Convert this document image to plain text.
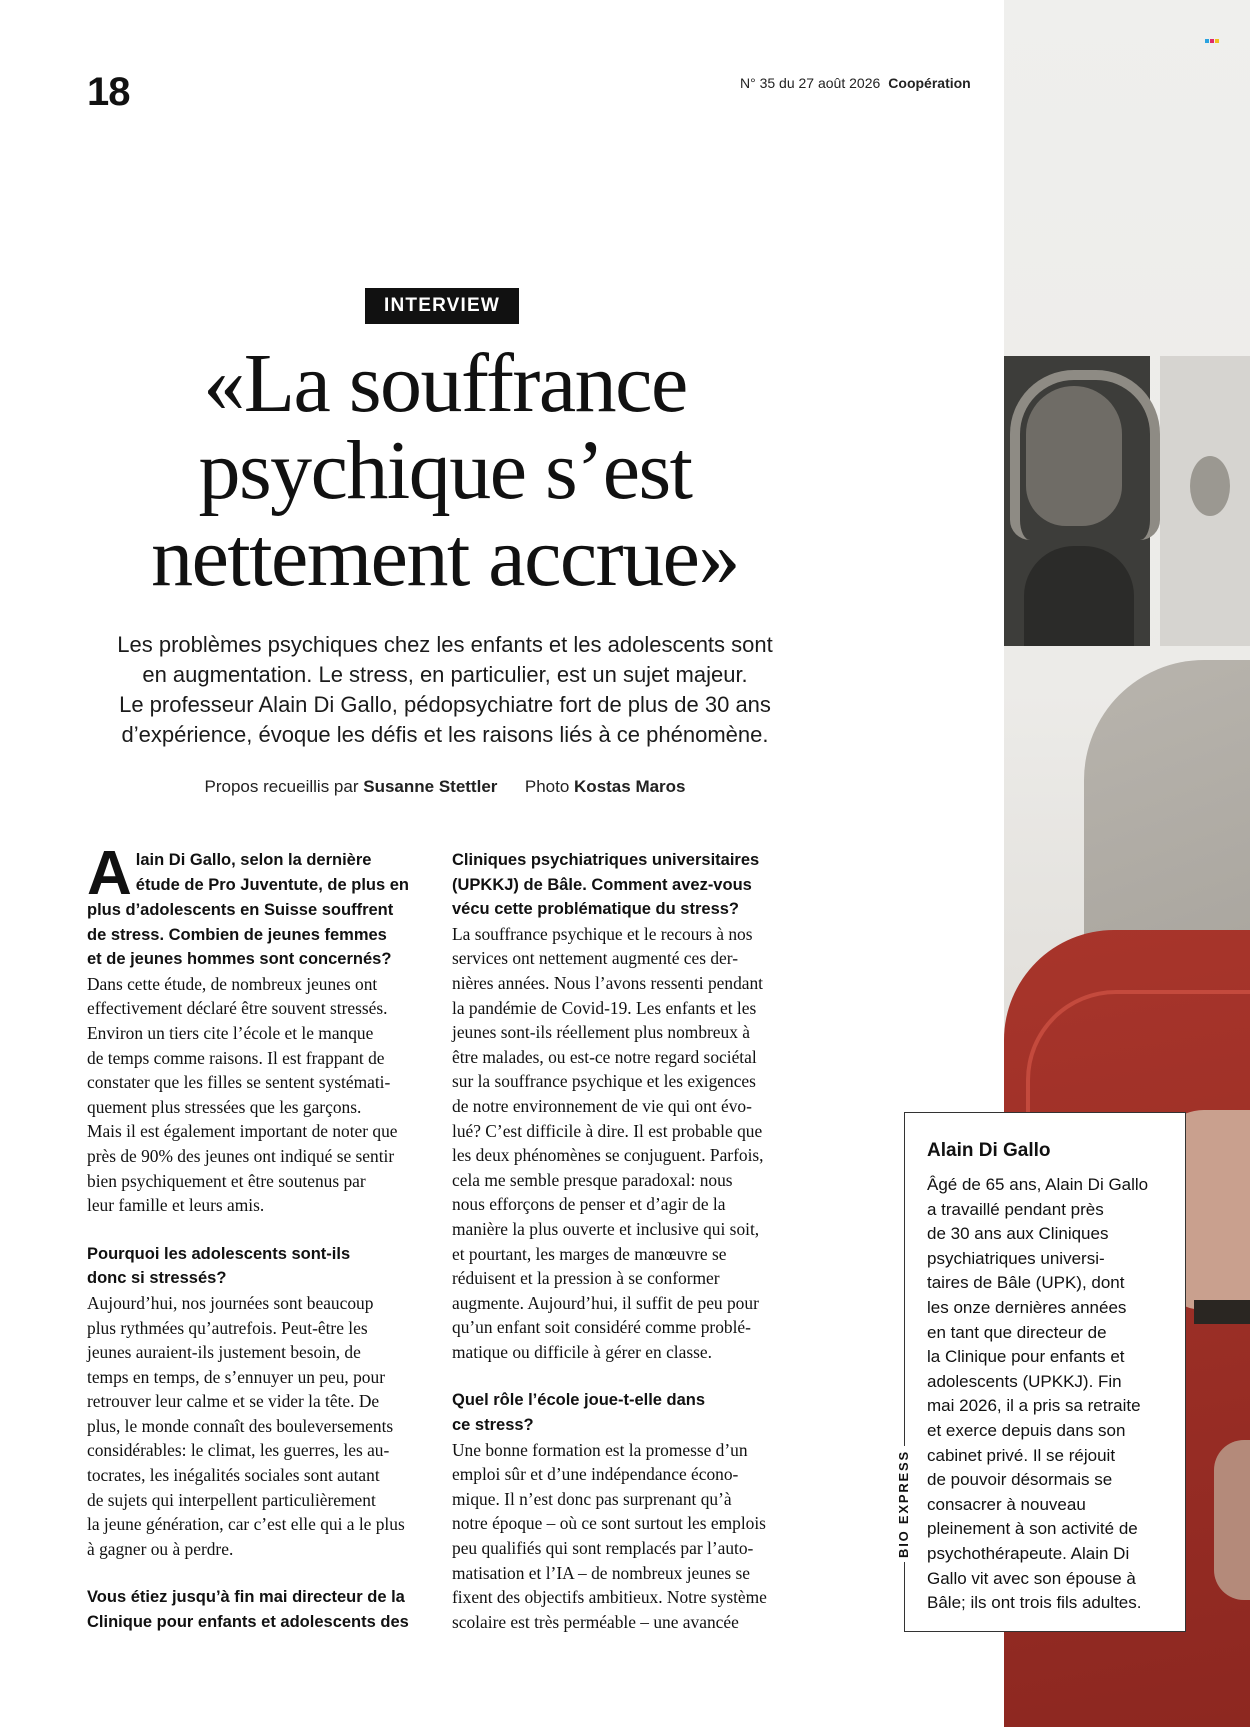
18	N° 35 du 27 août 2026 Coopération
INTERVIEW
«La souffrance
psychique s’est
nettement accrue»
Les problèmes psychiques chez les enfants et les adolescents sont
en augmentation. Le stress, en particulier, est un sujet majeur.
Le professeur Alain Di Gallo, pédopsychiatre fort de plus de 30 ans
d’expérience, évoque les défis et les raisons liés à ce phénomène.
Propos recueillis par Susanne Stettler Photo Kostas Maros
A lain Di Gallo, selon la dernière
étude de Pro Juventute, de plus en
plus d’adolescents en Suisse souffrent
de stress. Combien de jeunes femmes
et de jeunes hommes sont concernés?
Dans cette étude, de nombreux jeunes ont
effectivement déclaré être souvent stressés.
Environ un tiers cite l’école et le manque
de temps comme raisons. Il est frappant de
constater que les filles se sentent systémati-
quement plus stressées que les garçons.
Mais il est également important de noter que
près de 90% des jeunes ont indiqué se sentir
bien psychiquement et être soutenus par
leur famille et leurs amis.
Pourquoi les adolescents sont-ils
donc si stressés?
Aujourd’hui, nos journées sont beaucoup
plus rythmées qu’autrefois. Peut-être les
jeunes auraient-ils justement besoin, de
temps en temps, de s’ennuyer un peu, pour
retrouver leur calme et se vider la tête. De
plus, le monde connaît des bouleversements
considérables: le climat, les guerres, les au-
tocrates, les inégalités sociales sont autant
de sujets qui interpellent particulièrement
la jeune génération, car c’est elle qui a le plus
à gagner ou à perdre.
Vous étiez jusqu’à fin mai directeur de la
Clinique pour enfants et adolescents des
Cliniques psychiatriques universitaires
(UPKKJ) de Bâle. Comment avez-vous
vécu cette problématique du stress?
La souffrance psychique et le recours à nos
services ont nettement augmenté ces der-
nières années. Nous l’avons ressenti pendant
la pandémie de Covid-19. Les enfants et les
jeunes sont-ils réellement plus nombreux à
être malades, ou est-ce notre regard sociétal
sur la souffrance psychique et les exigences
de notre environnement de vie qui ont évo-
lué? C’est difficile à dire. Il est probable que
les deux phénomènes se conjuguent. Parfois,
cela me semble presque paradoxal: nous
nous efforçons de penser et d’agir de la
manière la plus ouverte et inclusive qui soit,
et pourtant, les marges de manœuvre se
réduisent et la pression à se conformer
augmente. Aujourd’hui, il suffit de peu pour
qu’un enfant soit considéré comme problé-
matique ou difficile à gérer en classe.
Quel rôle l’école joue-t-elle dans
ce stress?
Une bonne formation est la promesse d’un
emploi sûr et d’une indépendance écono-
mique. Il n’est donc pas surprenant qu’à
notre époque – où ce sont surtout les emplois
peu qualifiés qui sont remplacés par l’auto-
matisation et l’IA – de nombreux jeunes se
fixent des objectifs ambitieux. Notre système
scolaire est très perméable – une avancée
Alain Di Gallo
Âgé de 65 ans, Alain Di Gallo
a travaillé pendant près
de 30 ans aux Cliniques
psychiatriques universi-
taires de Bâle (UPK), dont
les onze dernières années
en tant que directeur de
la Clinique pour enfants et
adolescents (UPKKJ). Fin
mai 2026, il a pris sa retraite
et exerce depuis dans son
cabinet privé. Il se réjouit
de pouvoir désormais se
consacrer à nouveau
pleinement à son activité de
psychothérapeute. Alain Di
Gallo vit avec son épouse à
Bâle; ils ont trois fils adultes.
BIO EXPRESS
